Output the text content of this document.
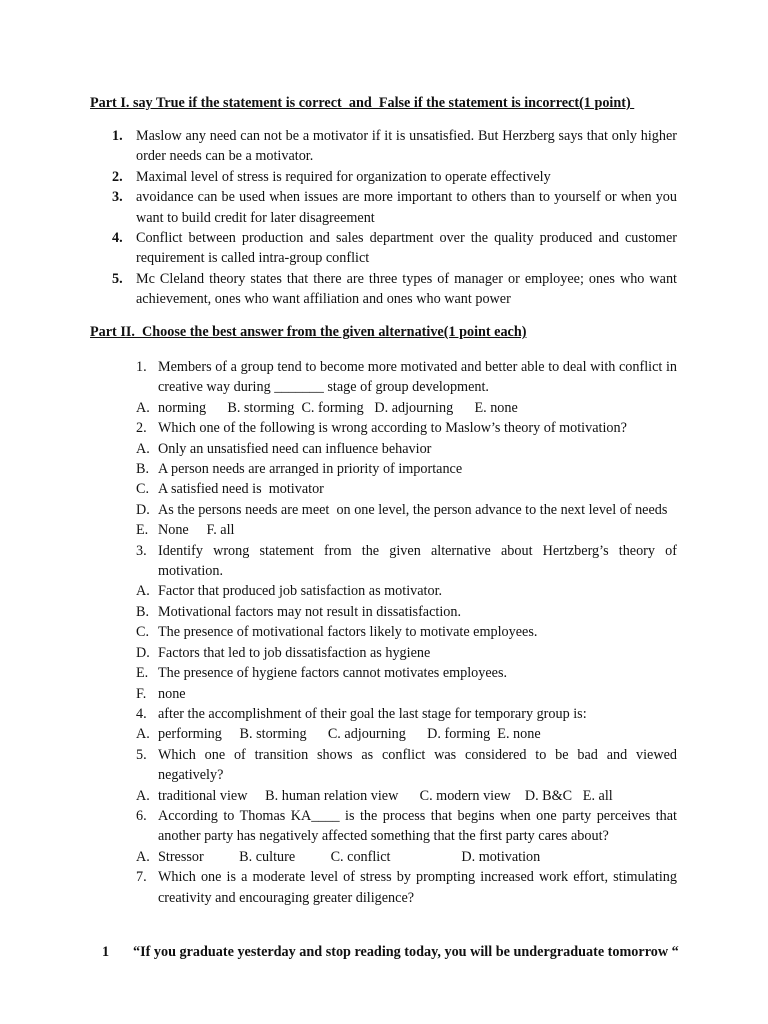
Part I. say True if the statement is correct  and  False if the statement is incorrect(1 point)
1. Maslow any need can not be a motivator if it is unsatisfied. But Herzberg says that only higher order needs can be a motivator.
2. Maximal level of stress is required for organization to operate effectively
3. avoidance can be used when issues are more important to others than to yourself or when you want to build credit for later disagreement
4. Conflict between production and sales department over the quality produced and customer requirement is called intra-group conflict
5. Mc Cleland theory states that there are three types of manager or employee; ones who want achievement, ones who want affiliation and ones who want power
Part II.  Choose the best answer from the given alternative(1 point each)
1. Members of a group tend to become more motivated and better able to deal with conflict in creative way during _______ stage of group development.
A. norming      B. storming  C. forming   D. adjourning      E. none
2. Which one of the following is wrong according to Maslow’s theory of motivation?
A. Only an unsatisfied need can influence behavior
B. A person needs are arranged in priority of importance
C. A satisfied need is  motivator
D. As the persons needs are meet  on one level, the person advance to the next level of needs
E. None     F. all
3. Identify wrong statement from the given alternative about Hertzberg’s theory of motivation.
A. Factor that produced job satisfaction as motivator.
B. Motivational factors may not result in dissatisfaction.
C. The presence of motivational factors likely to motivate employees.
D. Factors that led to job dissatisfaction as hygiene
E. The presence of hygiene factors cannot motivates employees.
F. none
4. after the accomplishment of their goal the last stage for temporary group is:
A. performing     B. storming      C. adjourning      D. forming  E. none
5. Which one of transition shows as conflict was considered to be bad and viewed negatively?
A. traditional view     B. human relation view      C. modern view    D. B&C   E. all
6. According to Thomas KA____ is the process that begins when one party perceives that another party has negatively affected something that the first party cares about?
A. Stressor          B. culture          C. conflict                    D. motivation
7. Which one is a moderate level of stress by prompting increased work effort, stimulating creativity and encouraging greater diligence?
1 “If you graduate yesterday and stop reading today, you will be undergraduate tomorrow “
